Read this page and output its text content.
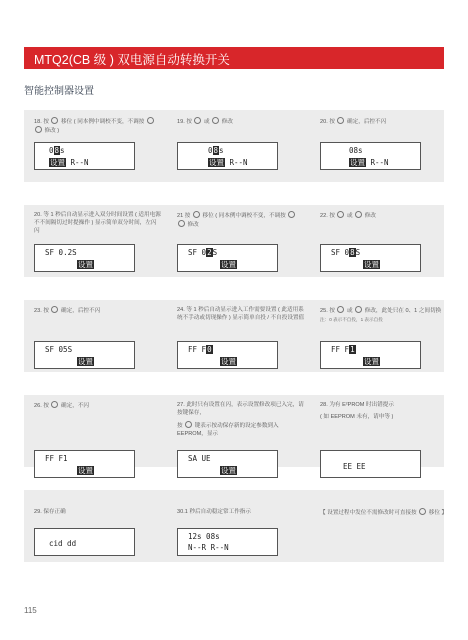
MTQ2(CB 级 ) 双电源自动转换开关
智能控制器设置
18. 按  移位 ( 同本例中调校不变，不调按   修改 )
08s
设置 R--N
19. 按  或  修改
08s
设置 R--N
20. 按  确定，后控不闪
08s
设置 R--N
20. 等 1 秒后自动显示进入双分时间设置 ( 适用电源不不间隔切过时提操作 ) 显示简单双分时间，左闪闪
SF 0.2S
设置
21 按  移位 ( 同本例中调校不变，不调按   修改
SF 02S
设置
22. 按  或  修改
SF 08S
设置
23. 按  确定，后控不闪
SF 05S
设置
24. 等 1 秒后自动显示进入工作需要设置 ( 此适用系统不手动或切现操作 ) 显示简单自投 / 不自投设置值
FF F0
设置
25. 按  或  修改，此处只在 0、1 之间切换
注：0 表示不自投，1 表示自投
FF F1
设置
26. 按  确定，不闪
FF F1
设置
27. 此时只有设置在闪，表示设置修改项已入完，请按键保存，
按  键表示按动保存新的设定参数到入 EEPROM，显示
SA UE
设置
28. 为有 E²PROM 时出错提示
( 如 EEPROM 未有，请申等 )
EE EE
29. 保存正确
cid dd
30.1 秒后自动稳定常工作指示
12s 08s
N--R R--N
【 设置过程中发位不需修改时可直接按  移位 】
115
